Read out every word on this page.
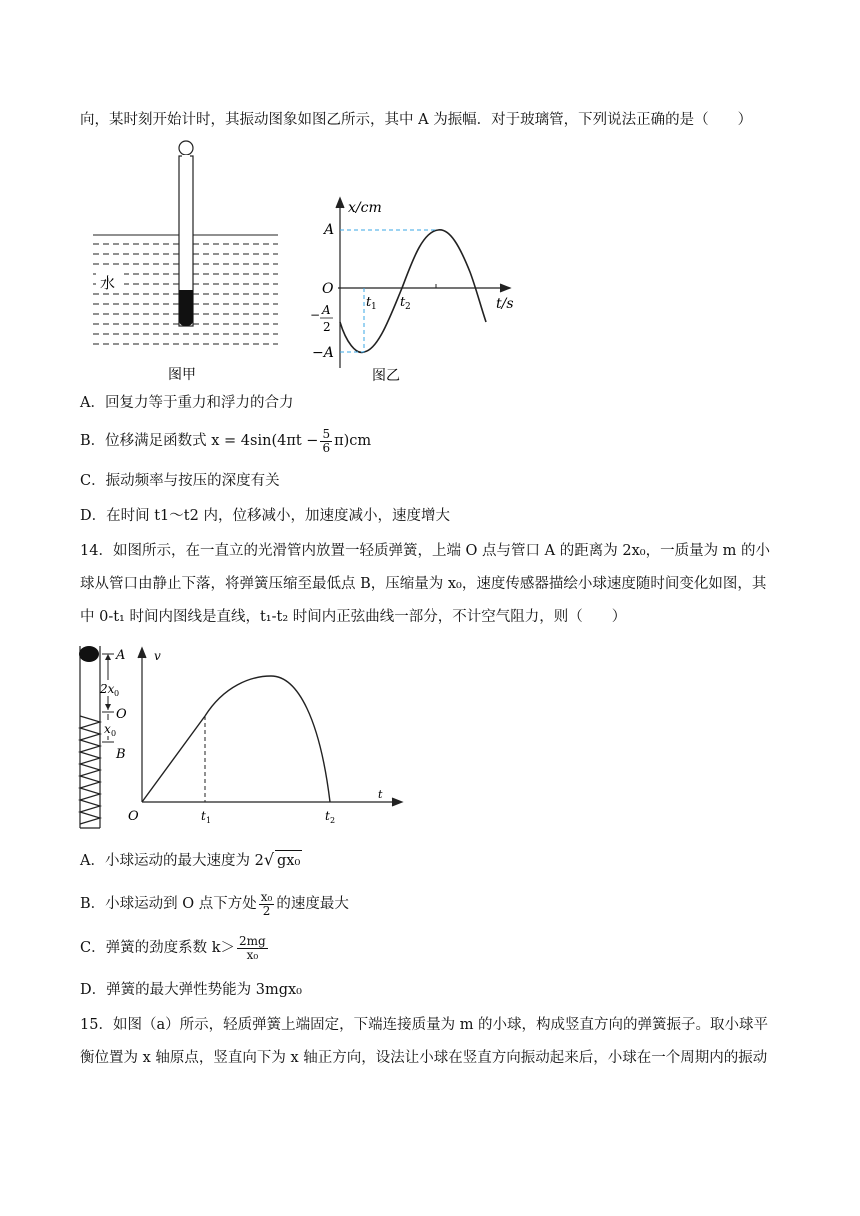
向，某时刻开始计时，其振动图象如图乙所示，其中 A 为振幅．对于玻璃管，下列说法正确的是（　　）
水
图甲
x/cm
t/s
A
O
− A
2
−A
t 1 t 2
图乙
A．回复力等于重力和浮力的合力
B．位移满足函数式 $x = 4\sin(4\pi t - \frac{5}{6} \pi)cm$
C．振动频率与按压的深度有关
D．在时间 t1～t2 内，位移减小，加速度减小，速度增大
14．如图所示，在一直立的光滑管内放置一轻质弹簧，上端 O 点与管口 A 的距离为 2x₀，一质量为 m 的小
球从管口由静止下落，将弹簧压缩至最低点 B，压缩量为 x₀，速度传感器描绘小球速度随时间变化如图，其
中 0-t₁ 时间内图线是直线，t₁-t₂ 时间内正弦曲线一部分，不计空气阻力，则（　　）
A
2x 0
O
x 0
B
v
t
O	t 1	t 2
A．小球运动的最大速度为 2√ gx₀
B．小球运动到 O 点下方处 $\frac{\text{x₀}}{2}$ 的速度最大
C．弹簧的劲度系数 $k> \frac{2mg}{\text{x₀}}$
D．弹簧的最大弹性势能为 3mgx₀
15．如图（a）所示，轻质弹簧上端固定，下端连接质量为 m 的小球，构成竖直方向的弹簧振子。取小球平
衡位置为 x 轴原点，竖直向下为 x 轴正方向，设法让小球在竖直方向振动起来后，小球在一个周期内的振动
